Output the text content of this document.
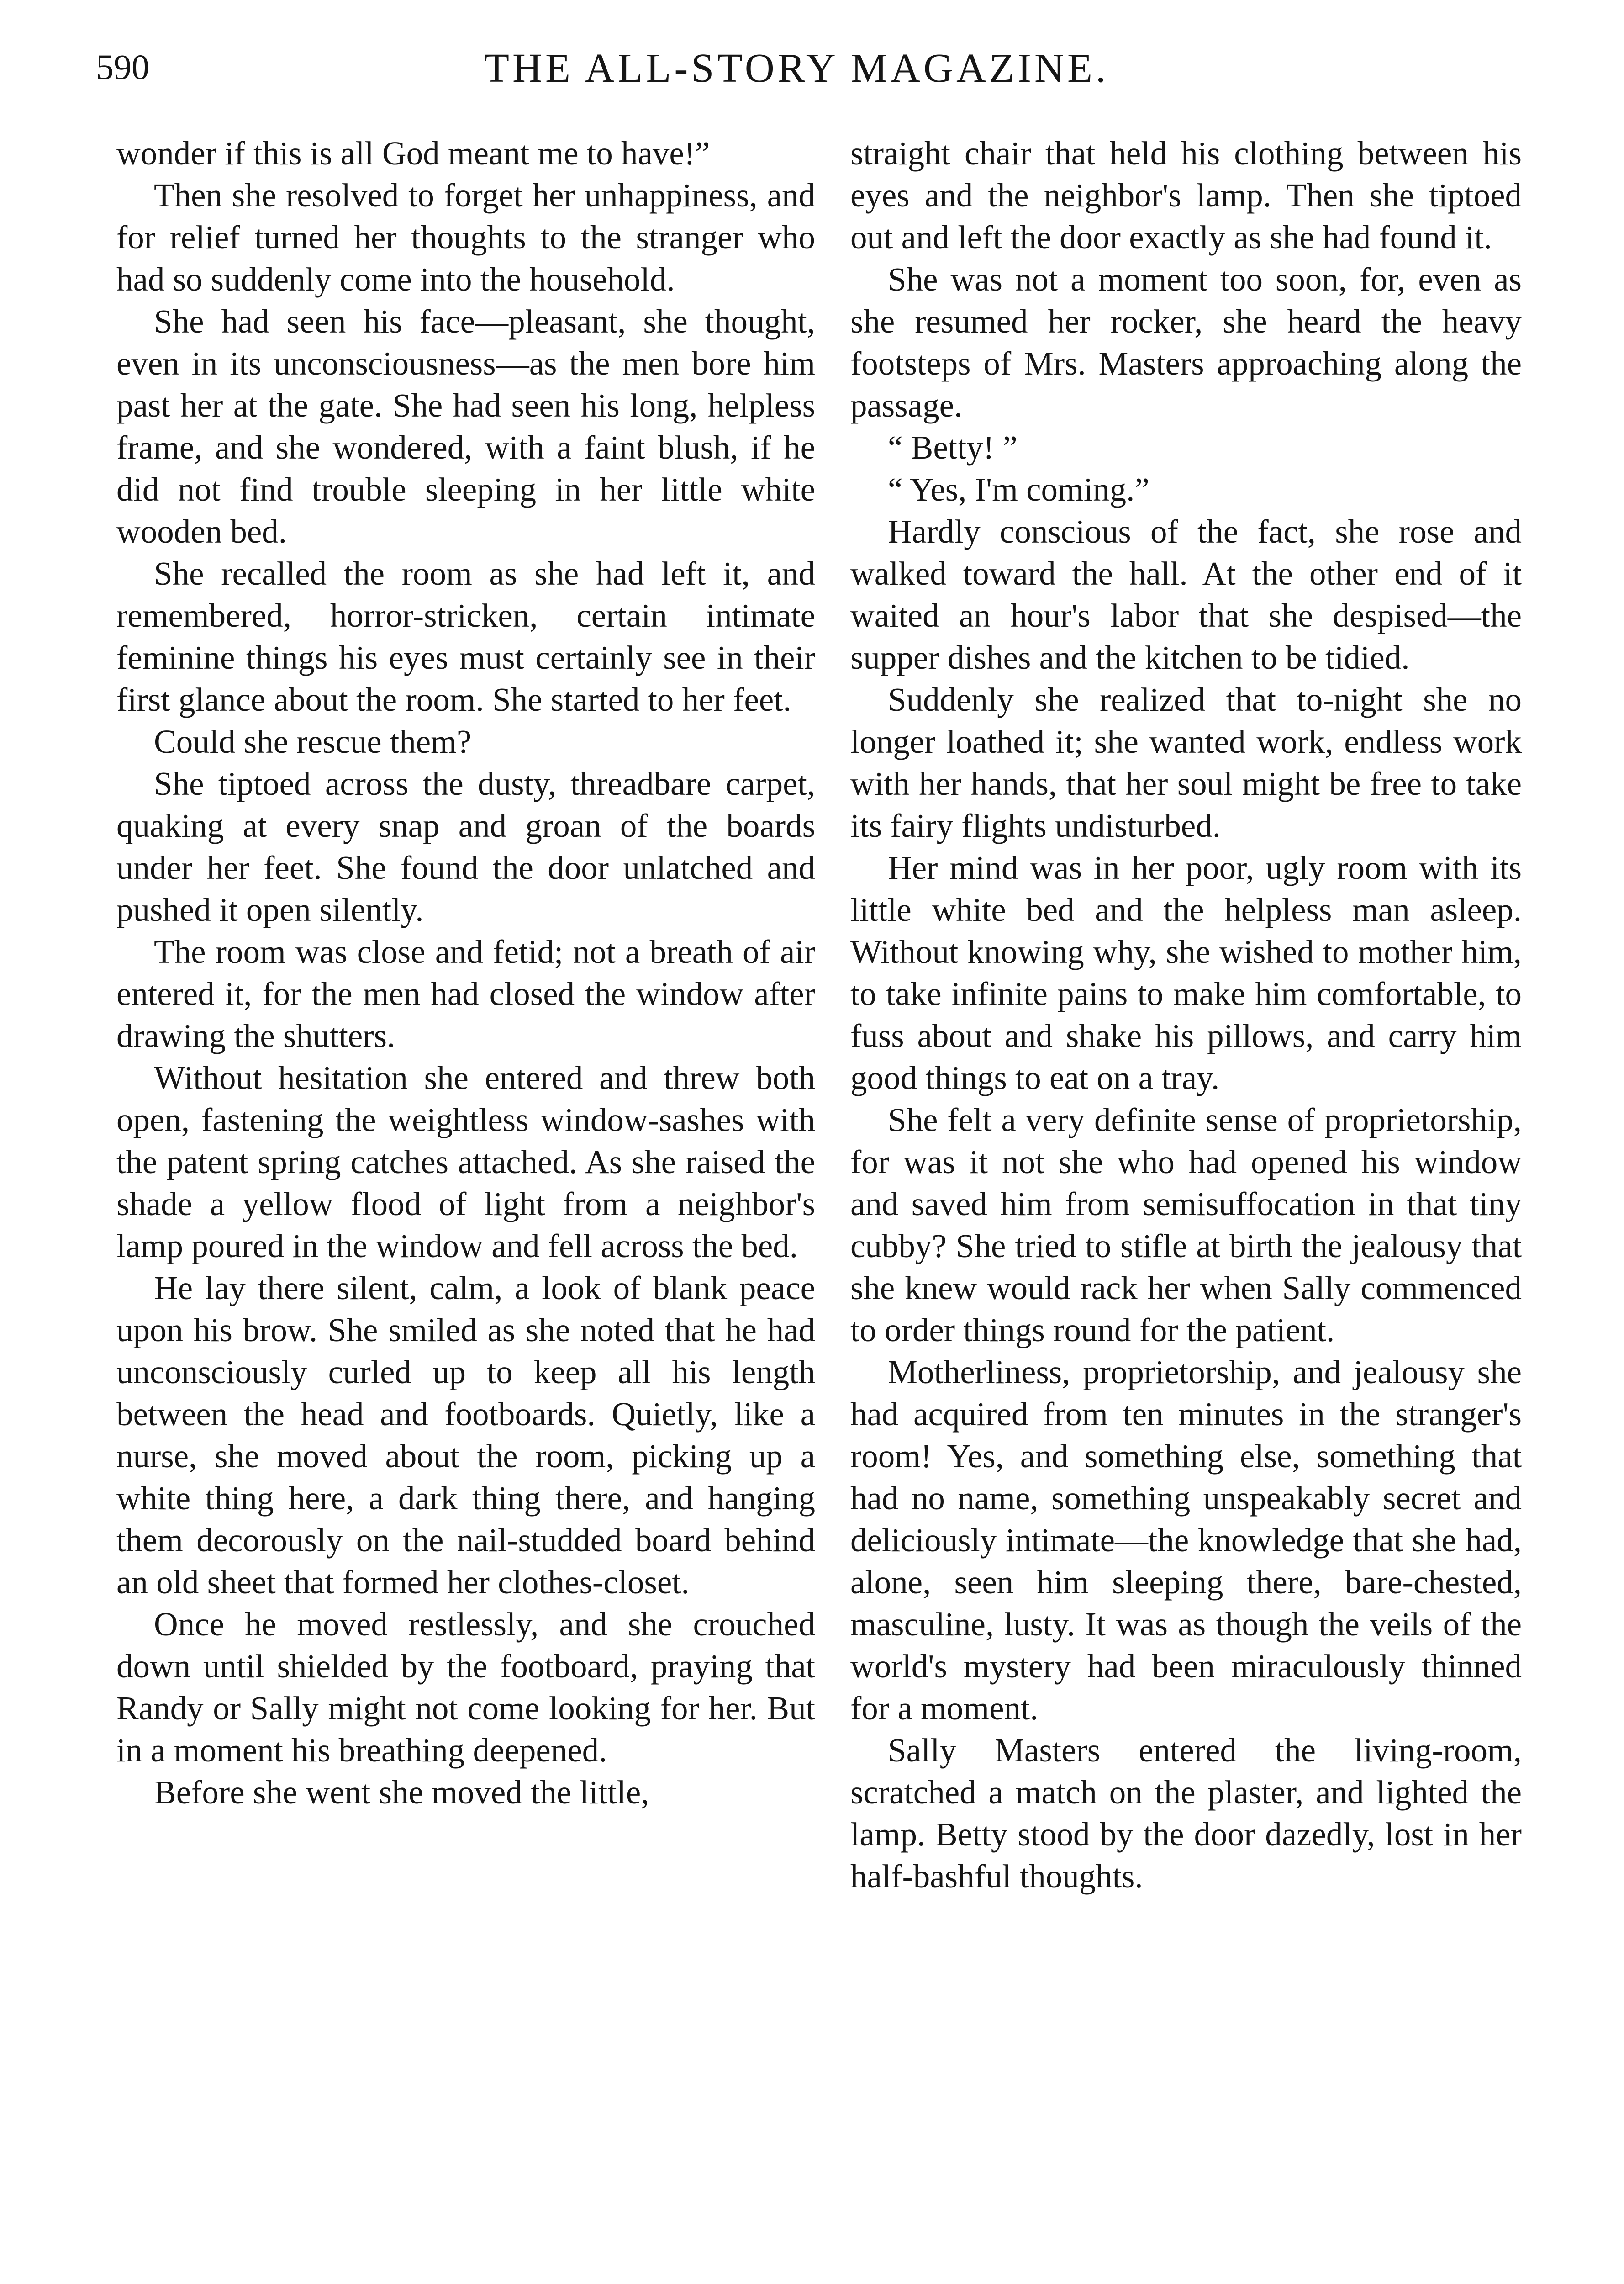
590	THE ALL-STORY MAGAZINE.

wonder if this is all God meant me to have!”

Then she resolved to forget her unhappiness, and for relief turned her thoughts to the stranger who had so suddenly come into the household.

She had seen his face—pleasant, she thought, even in its unconsciousness—as the men bore him past her at the gate. She had seen his long, helpless frame, and she wondered, with a faint blush, if he did not find trouble sleeping in her little white wooden bed.

She recalled the room as she had left it, and remembered, horror-stricken, certain intimate feminine things his eyes must certainly see in their first glance about the room. She started to her feet.

Could she rescue them?

She tiptoed across the dusty, threadbare carpet, quaking at every snap and groan of the boards under her feet. She found the door unlatched and pushed it open silently.

The room was close and fetid; not a breath of air entered it, for the men had closed the window after drawing the shutters.

Without hesitation she entered and threw both open, fastening the weightless window-sashes with the patent spring catches attached. As she raised the shade a yellow flood of light from a neighbor's lamp poured in the window and fell across the bed.

He lay there silent, calm, a look of blank peace upon his brow. She smiled as she noted that he had unconsciously curled up to keep all his length between the head and footboards. Quietly, like a nurse, she moved about the room, picking up a white thing here, a dark thing there, and hanging them decorously on the nail-studded board behind an old sheet that formed her clothes-closet.

Once he moved restlessly, and she crouched down until shielded by the footboard, praying that Randy or Sally might not come looking for her. But in a moment his breathing deepened.

Before she went she moved the little,

straight chair that held his clothing between his eyes and the neighbor's lamp. Then she tiptoed out and left the door exactly as she had found it.

She was not a moment too soon, for, even as she resumed her rocker, she heard the heavy footsteps of Mrs. Masters approaching along the passage.

“ Betty! ”

“ Yes, I'm coming.”

Hardly conscious of the fact, she rose and walked toward the hall. At the other end of it waited an hour's labor that she despised—the supper dishes and the kitchen to be tidied.

Suddenly she realized that to-night she no longer loathed it; she wanted work, endless work with her hands, that her soul might be free to take its fairy flights undisturbed.

Her mind was in her poor, ugly room with its little white bed and the helpless man asleep. Without knowing why, she wished to mother him, to take infinite pains to make him comfortable, to fuss about and shake his pillows, and carry him good things to eat on a tray.

She felt a very definite sense of proprietorship, for was it not she who had opened his window and saved him from semisuffocation in that tiny cubby? She tried to stifle at birth the jealousy that she knew would rack her when Sally commenced to order things round for the patient.

Motherliness, proprietorship, and jealousy she had acquired from ten minutes in the stranger's room! Yes, and something else, something that had no name, something unspeakably secret and deliciously intimate—the knowledge that she had, alone, seen him sleeping there, bare-chested, masculine, lusty. It was as though the veils of the world's mystery had been miraculously thinned for a moment.

Sally Masters entered the living-room, scratched a match on the plaster, and lighted the lamp. Betty stood by the door dazedly, lost in her half-bashful thoughts.
